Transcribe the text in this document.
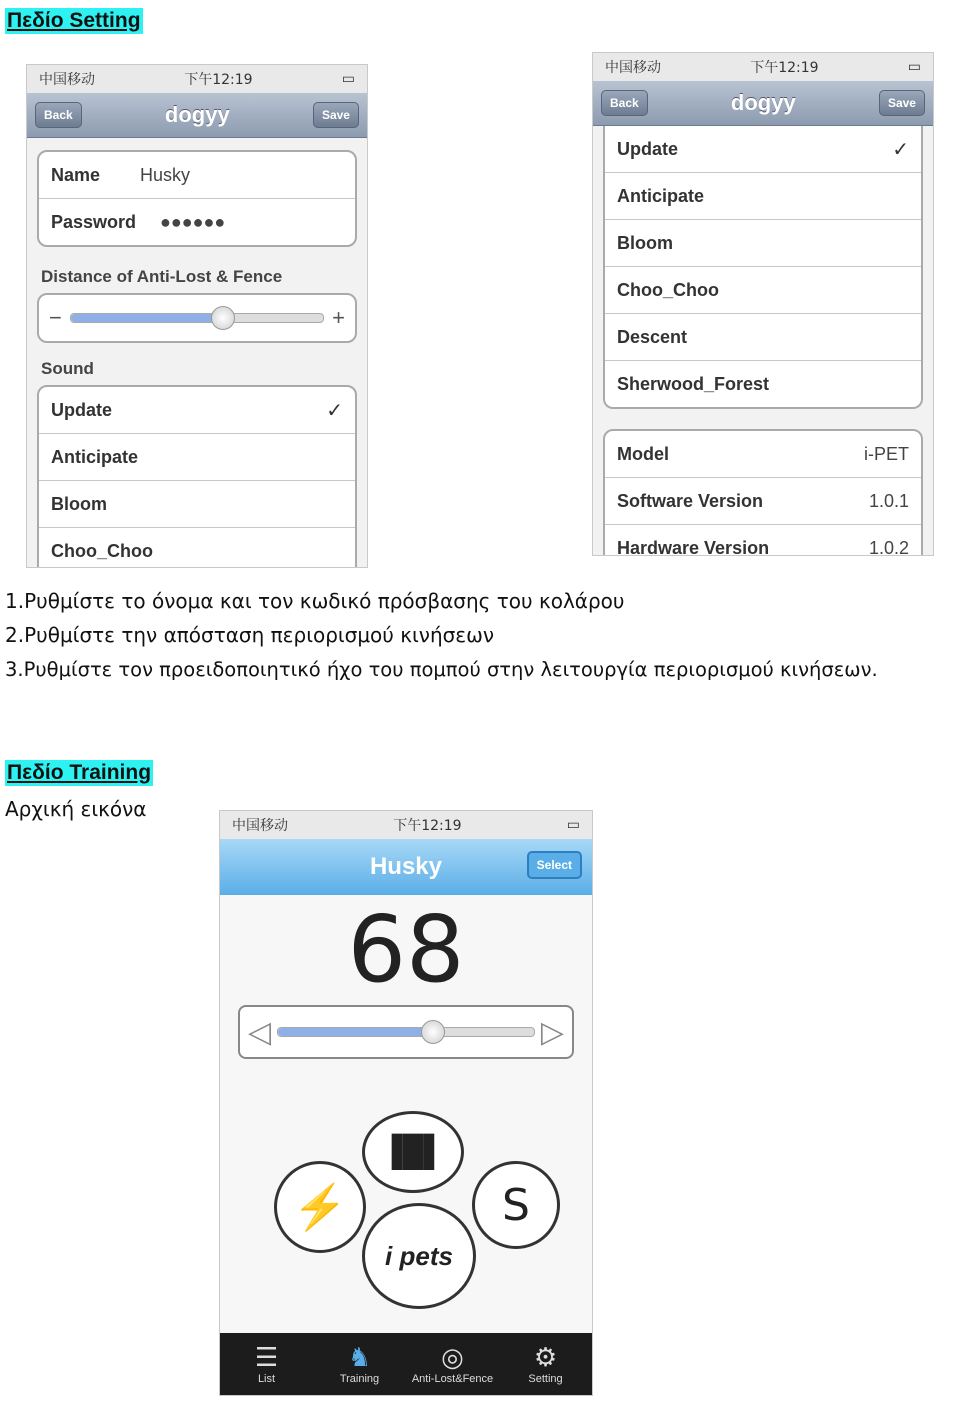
Πεδίο Setting
中国移动	下午12:19	▭
Back	dogyy	Save
Name Husky
Password ●●●●●●
Distance of Anti-Lost & Fence
−	+
Sound
Update	✓
Anticipate
Bloom
Choo_Choo
中国移动	下午12:19	▭
Back	dogyy	Save
Update	✓
Anticipate
Bloom
Choo_Choo
Descent
Sherwood_Forest
Model	i-PET
Software Version	1.0.1
Hardware Version	1.0.2
1.Ρυθμίστε το όνομα και τον κωδικό πρόσβασης του κολάρου
2.Ρυθμίστε την απόσταση περιορισμού κινήσεων
3.Ρυθμίστε τον προειδοποιητικό ήχο του πομπού στην λειτουργία περιορισμού κινήσεων.
Πεδίο Training
Αρχική εικόνα
中国移动	下午12:19	▭
Husky	Select
68
◁	▷
▐█▌
⚡	S
i pets
☰
List
♞
Training
◎
Anti-Lost&Fence
⚙
Setting
